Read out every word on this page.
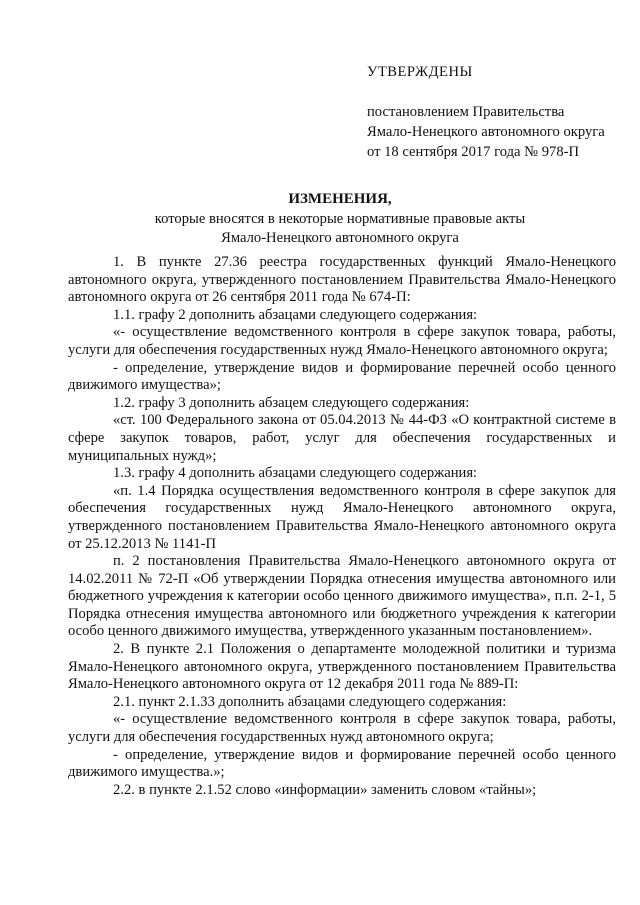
УТВЕРЖДЕНЫ
постановлением Правительства
Ямало-Ненецкого автономного округа
от 18 сентября 2017 года № 978-П
ИЗМЕНЕНИЯ,
которые вносятся в некоторые нормативные правовые акты
Ямало-Ненецкого автономного округа

1. В пункте 27.36 реестра государственных функций Ямало-Ненецкого автономного округа, утвержденного постановлением Правительства Ямало-Ненецкого автономного округа от 26 сентября 2011 года № 674-П:

1.1. графу 2 дополнить абзацами следующего содержания:

«- осуществление ведомственного контроля в сфере закупок товара, работы, услуги для обеспечения государственных нужд Ямало-Ненецкого автономного округа;

- определение, утверждение видов и формирование перечней особо ценного движимого имущества»;

1.2. графу 3 дополнить абзацем следующего содержания:

«ст. 100 Федерального закона от 05.04.2013 № 44-ФЗ «О контрактной системе в сфере закупок товаров, работ, услуг для обеспечения государственных и муниципальных нужд»;

1.3. графу 4 дополнить абзацами следующего содержания:

«п. 1.4 Порядка осуществления ведомственного контроля в сфере закупок для обеспечения государственных нужд Ямало-Ненецкого автономного округа, утвержденного постановлением Правительства Ямало-Ненецкого автономного округа от 25.12.2013 № 1141-П

п. 2 постановления Правительства Ямало-Ненецкого автономного округа от 14.02.2011 № 72-П «Об утверждении Порядка отнесения имущества автономного или бюджетного учреждения к категории особо ценного движимого имущества», п.п. 2-1, 5 Порядка отнесения имущества автономного или бюджетного учреждения к категории особо ценного движимого имущества, утвержденного указанным постановлением».

2. В пункте 2.1 Положения о департаменте молодежной политики и туризма Ямало-Ненецкого автономного округа, утвержденного постановлением Правительства Ямало-Ненецкого автономного округа от 12 декабря 2011 года № 889-П:

2.1. пункт 2.1.33 дополнить абзацами следующего содержания:

«- осуществление ведомственного контроля в сфере закупок товара, работы, услуги для обеспечения государственных нужд автономного округа;

- определение, утверждение видов и формирование перечней особо ценного движимого имущества.»;

2.2. в пункте 2.1.52 слово «информации» заменить словом «тайны»;
